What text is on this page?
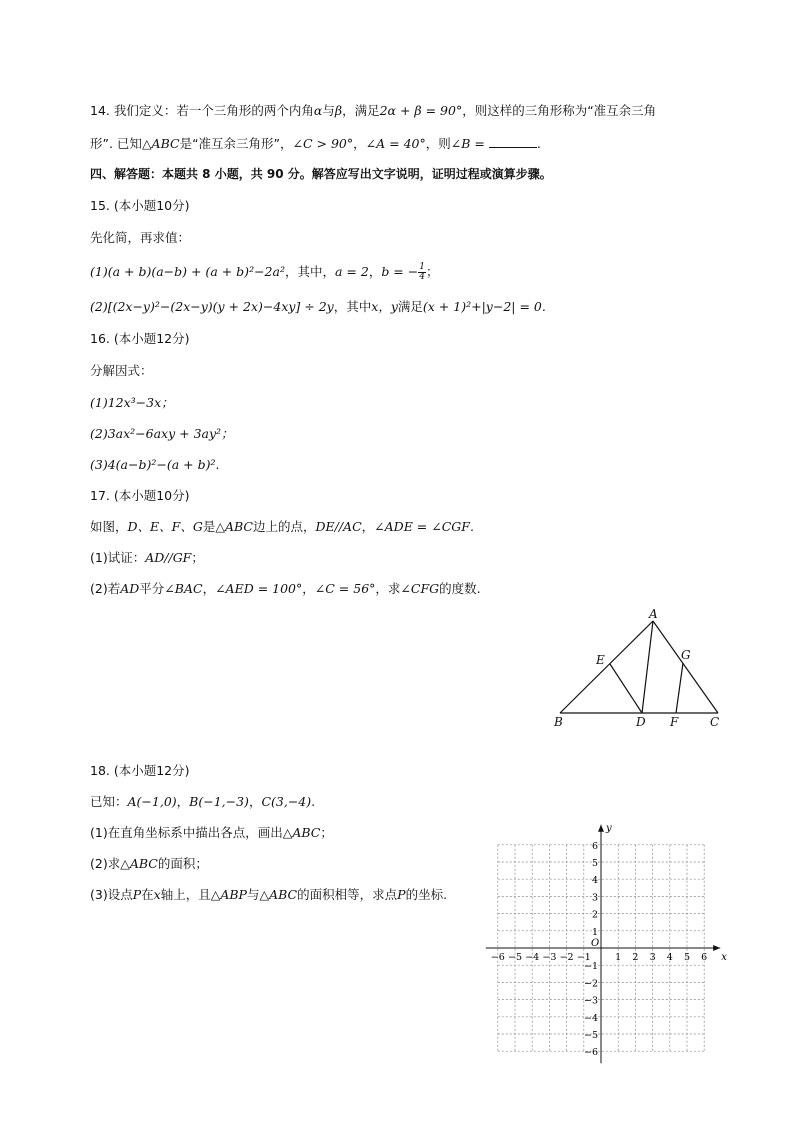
14. 我们定义：若一个三角形的两个内角α与β，满足2α + β = 90°，则这样的三角形称为“准互余三角
形”. 已知△ABC是“准互余三角形”，∠C > 90°，∠A = 40°，则∠B =	.
四、解答题：本题共 8 小题，共 90 分。解答应写出文字说明，证明过程或演算步骤。
15. (本小题10分)
先化简，再求值：
(1)(a + b)(a−b) + (a + b)²−2a²，其中，a = 2，b = − $\frac{1}{4}$ ；
(2)[(2x−y)²−(2x−y)(y + 2x)−4xy] ÷ 2y，其中x，y满足(x + 1)²+|y−2| = 0.
16. (本小题12分)
分解因式：
(1)12x³−3x；
(2)3ax²−6axy + 3ay²；
(3)4(a−b)²−(a + b)².
17. (本小题10分)
如图，D、E、F、G是△ABC边上的点，DE//AC，∠ADE = ∠CGF.
(1)试证：AD//GF；
(2)若AD平分∠BAC，∠AED = 100°，∠C = 56°，求∠CFG的度数.
A
B	C
D
E
F
G
18. (本小题12分)
已知：A(−1,0)，B(−1,−3)，C(3,−4).
(1)在直角坐标系中描出各点，画出△ABC；
(2)求△ABC的面积；
(3)设点P在x轴上，且△ABP与△ABC的面积相等，求点P的坐标.
x
y
O
−6 −5 −4 −3 −2 −1	1 2 3 4 5 6
6
5
4
3
2
1
−1
−2
−3
−4
−5
−6
